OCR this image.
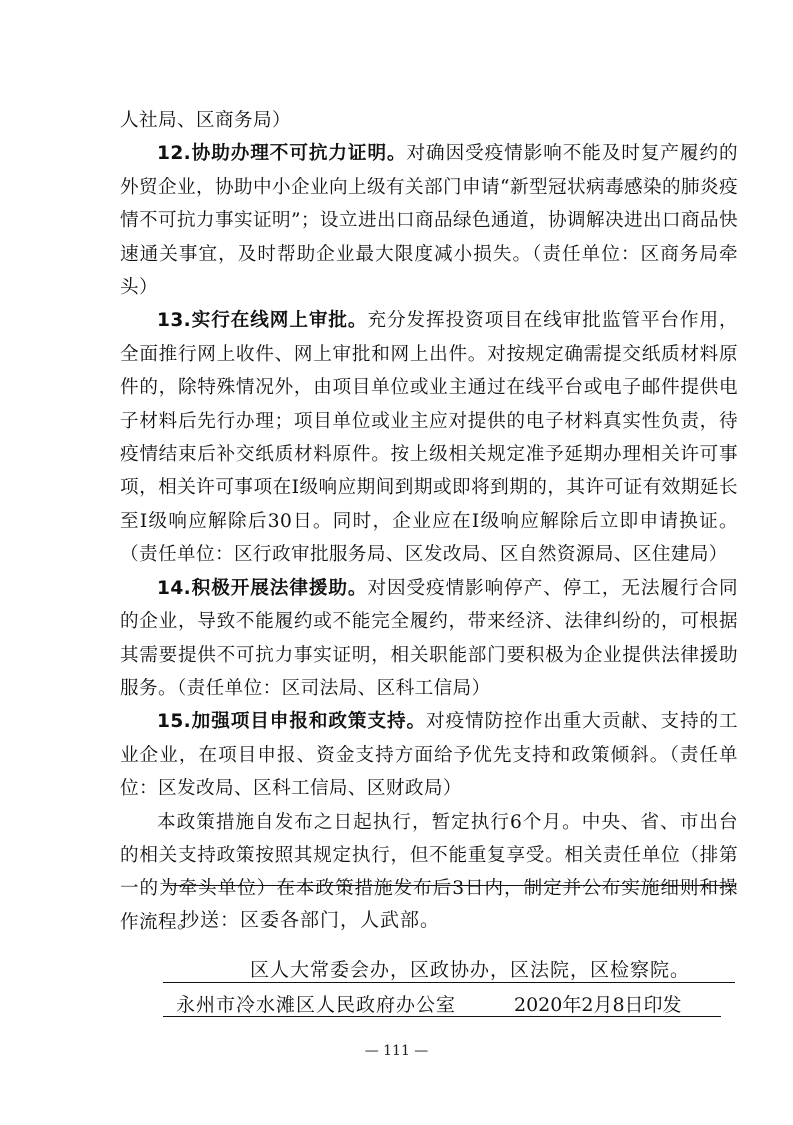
人社局、区商务局）

12.协助办理不可抗力证明。对确因受疫情影响不能及时复产履约的外贸企业，协助中小企业向上级有关部门申请“新型冠状病毒感染的肺炎疫情不可抗力事实证明”；设立进出口商品绿色通道，协调解决进出口商品快速通关事宜，及时帮助企业最大限度减小损失。（责任单位：区商务局牵头）

13.实行在线网上审批。充分发挥投资项目在线审批监管平台作用，全面推行网上收件、网上审批和网上出件。对按规定确需提交纸质材料原件的，除特殊情况外，由项目单位或业主通过在线平台或电子邮件提供电子材料后先行办理；项目单位或业主应对提供的电子材料真实性负责，待疫情结束后补交纸质材料原件。按上级相关规定准予延期办理相关许可事项，相关许可事项在Ⅰ级响应期间到期或即将到期的，其许可证有效期延长至Ⅰ级响应解除后30日。同时，企业应在Ⅰ级响应解除后立即申请换证。（责任单位：区行政审批服务局、区发改局、区自然资源局、区住建局）

14.积极开展法律援助。对因受疫情影响停产、停工，无法履行合同的企业，导致不能履约或不能完全履约，带来经济、法律纠纷的，可根据其需要提供不可抗力事实证明，相关职能部门要积极为企业提供法律援助服务。（责任单位：区司法局、区科工信局）

15.加强项目申报和政策支持。对疫情防控作出重大贡献、支持的工业企业，在项目申报、资金支持方面给予优先支持和政策倾斜。（责任单位：区发改局、区科工信局、区财政局）

本政策措施自发布之日起执行，暂定执行6个月。中央、省、市出台的相关支持政策按照其规定执行，但不能重复享受。相关责任单位（排第一的为牵头单位）在本政策措施发布后3日内，制定并公布实施细则和操作流程。

抄送：区委各部门，人武部。
区人大常委会办，区政协办，区法院，区检察院。
永州市冷水滩区人民政府办公室	2020年2月8日印发
— 111 —
